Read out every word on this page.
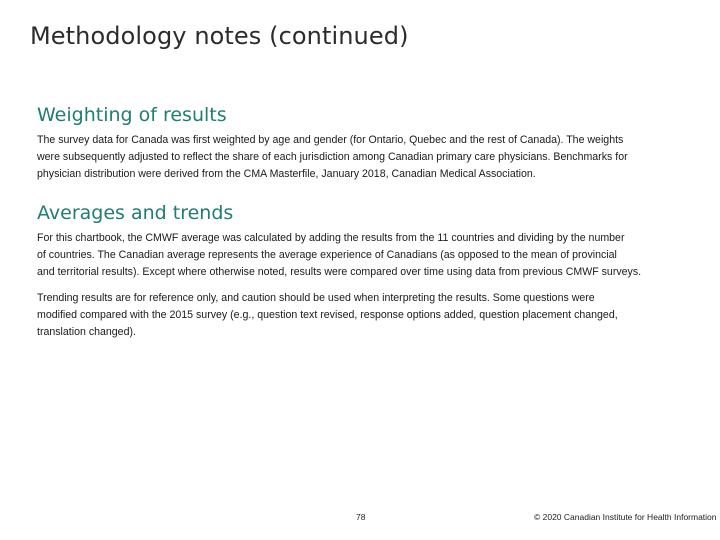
Methodology notes (continued)
Weighting of results

The survey data for Canada was first weighted by age and gender (for Ontario, Quebec and the rest of Canada). The weights
were subsequently adjusted to reflect the share of each jurisdiction among Canadian primary care physicians. Benchmarks for
physician distribution were derived from the CMA Masterfile, January 2018, Canadian Medical Association.

Averages and trends

For this chartbook, the CMWF average was calculated by adding the results from the 11 countries and dividing by the number
of countries. The Canadian average represents the average experience of Canadians (as opposed to the mean of provincial
and territorial results). Except where otherwise noted, results were compared over time using data from previous CMWF surveys.

Trending results are for reference only, and caution should be used when interpreting the results. Some questions were
modified compared with the 2015 survey (e.g., question text revised, response options added, question placement changed,
translation changed).

78	© 2020 Canadian Institute for Health Information
